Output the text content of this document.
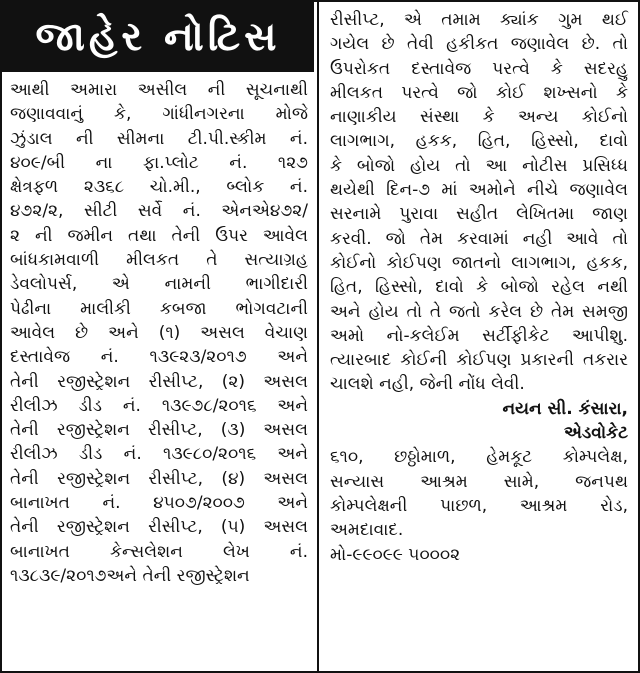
જાહેર નોટિસ
આથી અમારા અસીલ ની સૂચનાથી
જણાવવાનું કે, ગાંધીનગરના મોજે
ઝુંડાલ ની સીમના ટી.પી.સ્કીમ નં.
૪૦૯/બી ના ફા.પ્લોટ નં. ૧૨૭
ક્ષેત્રફળ ૨૩૬૮ ચો.મી., બ્લોક નં.
૪૭૨/૨, સીટી સર્વે નં. એનએ૪૭૨/
૨ ની જમીન તથા તેની ઉપર આવેલ
બાંધકામવાળી મીલકત તે સત્યાગ્રહ
ડેવલોપર્સ, એ નામની ભાગીદારી
પેઢીના માલીકી કબજા ભોગવટાની
આવેલ છે અને (૧) અસલ વેચાણ
દસ્તાવેજ નં. ૧૩૯૨૩/૨૦૧૭ અને
તેની રજીસ્ટ્રેશન રીસીપ્ટ, (૨) અસલ
રીલીઝ ડીડ નં. ૧૩૯૭૮/૨૦૧૬ અને
તેની રજીસ્ટ્રેશન રીસીપ્ટ, (૩) અસલ
રીલીઝ ડીડ નં. ૧૩૯૮૦/૨૦૧૬ અને
તેની રજીસ્ટ્રેશન રીસીપ્ટ, (૪) અસલ
બાનાખત નં. ૪૫૦૭/૨૦૦૭ અને
તેની રજીસ્ટ્રેશન રીસીપ્ટ, (૫) અસલ
બાનાખત કેન્સલેશન લેખ નં.
૧૩૮૩૯/૨૦૧૭અને તેની રજીસ્ટ્રેશન
રીસીપ્ટ, એ તમામ ક્યાંક ગુમ થઈ
ગયેલ છે તેવી હકીકત જણાવેલ છે. તો
ઉપરોકત દસ્તાવેજ પરત્વે કે સદરહુ
મીલકત પરત્વે જો કોઈ શખ્સનો કે
નાણાકીય સંસ્થા કે અન્ય કોઈનો
લાગભાગ, હકક, હિત, હિસ્સો, દાવો
કે બોજો હોય તો આ નોટીસ પ્રસિધ્ધ
થયેથી દિન-૭ માં અમોને નીચે જણાવેલ
સરનામે પુરાવા સહીત લેખિતમા જાણ
કરવી. જો તેમ કરવામાં નહી આવે તો
કોઈનો કોઈપણ જાતનો લાગભાગ, હકક,
હિત, હિસ્સો, દાવો કે બોજો રહેલ નથી
અને હોય તો તે જતો કરેલ છે તેમ સમજી
અમો નો-કલેઈમ સર્ટીફીકેટ આપીશુ.
ત્યારબાદ કોઈની કોઈપણ પ્રકારની તકરાર
ચાલશે નહી, જેની નોંધ લેવી.
નયન સી. કંસારા,
એડવોકેટ
૬૧૦, છઠ્ઠોમાળ, હેમકૂટ કોમ્પલેક્ષ,
સન્યાસ આશ્રમ સામે, જનપથ
કોમ્પલેક્ષની પાછળ, આશ્રમ રોડ,
અમદાવાદ.
મો-૯૯૦૯૯ ૫૦૦૦૨
